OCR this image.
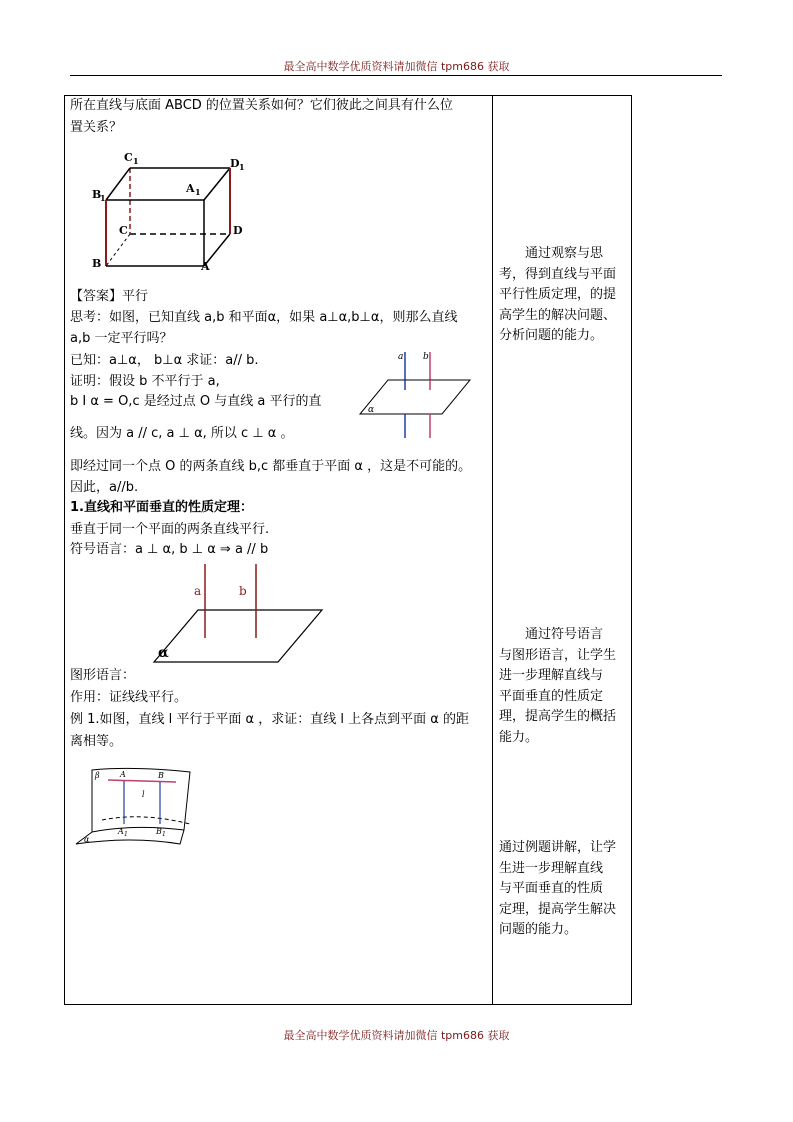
最全高中数学优质资料请加微信 tpm686 获取
最全高中数学优质资料请加微信 tpm686 获取
所在直线与底面 ABCD 的位置关系如何？它们彼此之间具有什么位
置关系？
C 1	D 1
B
1
A 1
C	D
B	A
【答案】平行
思考：如图，已知直线 a,b 和平面α，如果 a⊥α,b⊥α，则那么直线
a,b 一定平行吗？
已知：a⊥α， b⊥α 求证：a// b.
证明：假设 b 不平行于 a,
b I α = O,c 是经过点 O 与直线 a 平行的直
线。因为 a // c, a ⊥ α, 所以 c ⊥ α 。
a b
α
即经过同一个点 O 的两条直线 b,c 都垂直于平面 α ，这是不可能的。
因此，a//b.
1.直线和平面垂直的性质定理：
垂直于同一个平面的两条直线平行.
符号语言：a ⊥ α, b ⊥ α ⇒ a // b
a	b
α
图形语言：
作用：证线线平行。
例 1.如图，直线 l 平行于平面 α ，求证：直线 l 上各点到平面 α 的距
离相等。
β	A	B
l
A 1	B 1
α
通过观察与思
考，得到直线与平面
平行性质定理，的提
高学生的解决问题、
分析问题的能力。
通过符号语言
与图形语言，让学生
进一步理解直线与
平面垂直的性质定
理，提高学生的概括
能力。
通过例题讲解，让学
生进一步理解直线
与平面垂直的性质
定理，提高学生解决
问题的能力。
